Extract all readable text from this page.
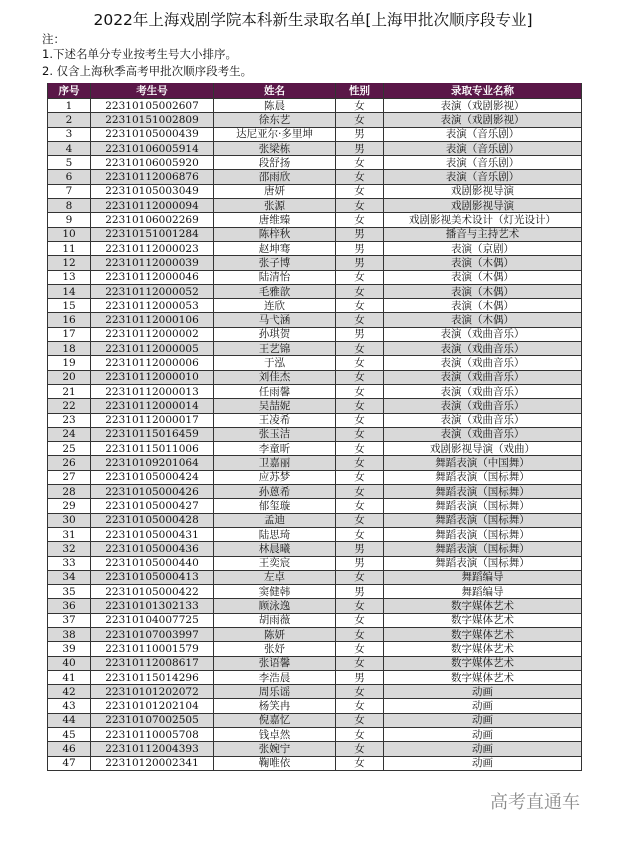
2022年上海戏剧学院本科新生录取名单[上海甲批次顺序段专业]
注：
1.下述名单分专业按考生号大小排序。
2. 仅含上海秋季高考甲批次顺序段考生。
序号	考生号	姓名	性别	录取专业名称
1	22310105002607	陈晨	女	表演（戏剧影视）
2	22310151002809	徐东艺	女	表演（戏剧影视）
3	22310105000439	达尼亚尔·多里坤	男	表演（音乐剧）
4	22310106005914	张梁栋	男	表演（音乐剧）
5	22310106005920	段舒扬	女	表演（音乐剧）
6	22310112006876	邵雨欣	女	表演（音乐剧）
7	22310105003049	唐妍	女	戏剧影视导演
8	22310112000094	张源	女	戏剧影视导演
9	22310106002269	唐维臻	女	戏剧影视美术设计（灯光设计）
10	22310151001284	陈梓秋	男	播音与主持艺术
11	22310112000023	赵坤骞	男	表演（京剧）
12	22310112000039	张子博	男	表演（木偶）
13	22310112000046	陆清怡	女	表演（木偶）
14	22310112000052	毛雅歆	女	表演（木偶）
15	22310112000053	连欣	女	表演（木偶）
16	22310112000106	马弋涵	女	表演（木偶）
17	22310112000002	孙琪贺	男	表演（戏曲音乐）
18	22310112000005	王艺锦	女	表演（戏曲音乐）
19	22310112000006	于泓	女	表演（戏曲音乐）
20	22310112000010	刘佳杰	女	表演（戏曲音乐）
21	22310112000013	任雨馨	女	表演（戏曲音乐）
22	22310112000014	吴喆妮	女	表演（戏曲音乐）
23	22310112000017	王凌希	女	表演（戏曲音乐）
24	22310115016459	张玉洁	女	表演（戏曲音乐）
25	22310115011006	李童昕	女	戏剧影视导演（戏曲）
26	22310109201064	卫嘉丽	女	舞蹈表演（中国舞）
27	22310105000424	应苏梦	女	舞蹈表演（国标舞）
28	22310105000426	孙蒽希	女	舞蹈表演（国标舞）
29	22310105000427	郁玺璇	女	舞蹈表演（国标舞）
30	22310105000428	孟迪	女	舞蹈表演（国标舞）
31	22310105000431	陆思琦	女	舞蹈表演（国标舞）
32	22310105000436	林晨曦	男	舞蹈表演（国标舞）
33	22310105000440	王奕宸	男	舞蹈表演（国标舞）
34	22310105000413	左卓	女	舞蹈编导
35	22310105000422	窦健韩	男	舞蹈编导
36	22310101302133	顾泳逸	女	数字媒体艺术
37	22310104007725	胡雨薇	女	数字媒体艺术
38	22310107003997	陈妍	女	数字媒体艺术
39	22310110001579	张妤	女	数字媒体艺术
40	22310112008617	张语馨	女	数字媒体艺术
41	22310115014296	李浩晨	男	数字媒体艺术
42	22310101202072	周乐谣	女	动画
43	22310101202104	杨笑冉	女	动画
44	22310107002505	倪嘉忆	女	动画
45	22310110005708	钱卓然	女	动画
46	22310112004393	张婉宁	女	动画
47	22310120002341	鞠唯依	女	动画
高考直通车
